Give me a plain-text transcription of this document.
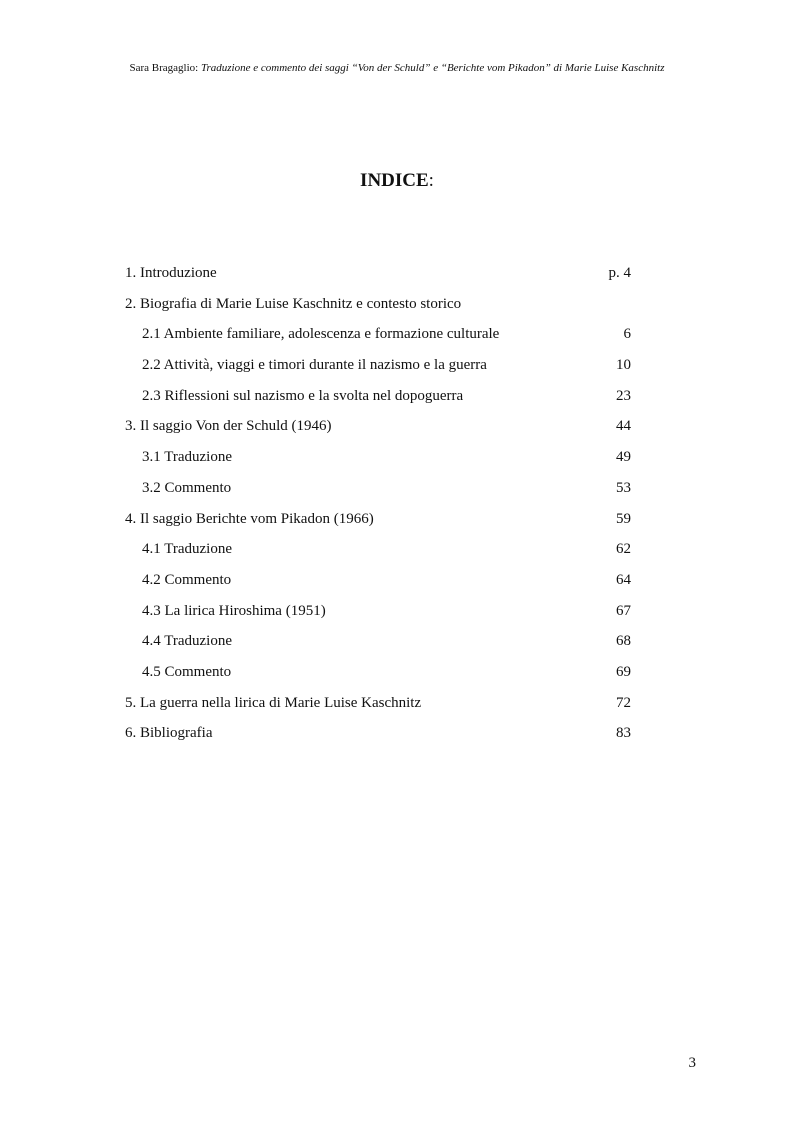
Sara Bragaglio: Traduzione e commento dei saggi “Von der Schuld” e “Berichte vom Pikadon” di Marie Luise Kaschnitz
INDICE:
1. Introduzione	p. 4
2. Biografia di Marie Luise Kaschnitz e contesto storico
2.1 Ambiente familiare, adolescenza e formazione culturale	6
2.2 Attività, viaggi e timori durante il nazismo e la guerra	10
2.3 Riflessioni sul nazismo e la svolta nel dopoguerra	23
3. Il saggio Von der Schuld (1946)	44
3.1 Traduzione	49
3.2 Commento	53
4. Il saggio Berichte vom Pikadon (1966)	59
4.1 Traduzione	62
4.2 Commento	64
4.3 La lirica Hiroshima (1951)	67
4.4 Traduzione	68
4.5 Commento	69
5. La guerra nella lirica di Marie Luise Kaschnitz	72
6. Bibliografia	83
3
